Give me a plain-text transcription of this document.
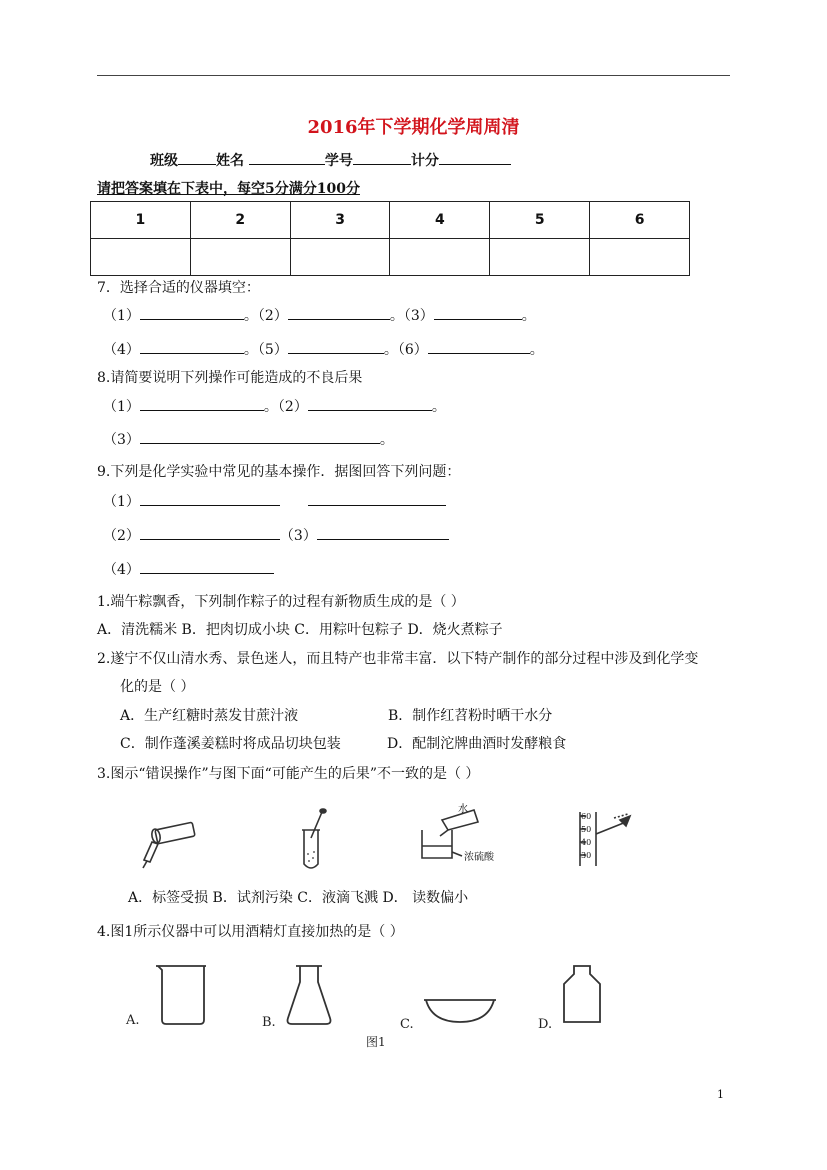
2016年下学期化学周周清
班级	姓名	学号	计分
请把答案填在下表中，每空5分满分100分
1	2	3	4	5	6

7．选择合适的仪器填空：
（1）	。（2）	。（3）	。
（4）	。（5）	。（6）	。
8.请简要说明下列操作可能造成的不良后果
（1）	。（2）	。
（3）	。
9.下列是化学实验中常见的基本操作．据图回答下列问题：
（1）
（2）	（3）
（4）
1.端午粽飘香，下列制作粽子的过程有新物质生成的是（ ）
A．清洗糯米 B．把肉切成小块 C．用粽叶包粽子 D．烧火煮粽子
2.遂宁不仅山清水秀、景色迷人，而且特产也非常丰富．以下特产制作的部分过程中涉及到化学变
化的是（ ）
A．生产红糖时蒸发甘蔗汁液	B．制作红苕粉时晒干水分
C．制作蓬溪姜糕时将成品切块包装	D．配制沱牌曲酒时发酵粮食
3.图示“错误操作”与图下面“可能产生的后果”不一致的是（ ）
水
浓硫酸
60
50
40
30
A．标签受损 B．试剂污染 C．液滴飞溅 D． 读数偏小
4.图1所示仪器中可以用酒精灯直接加热的是（ ）
A.	B.	C.	D.
图1
1
